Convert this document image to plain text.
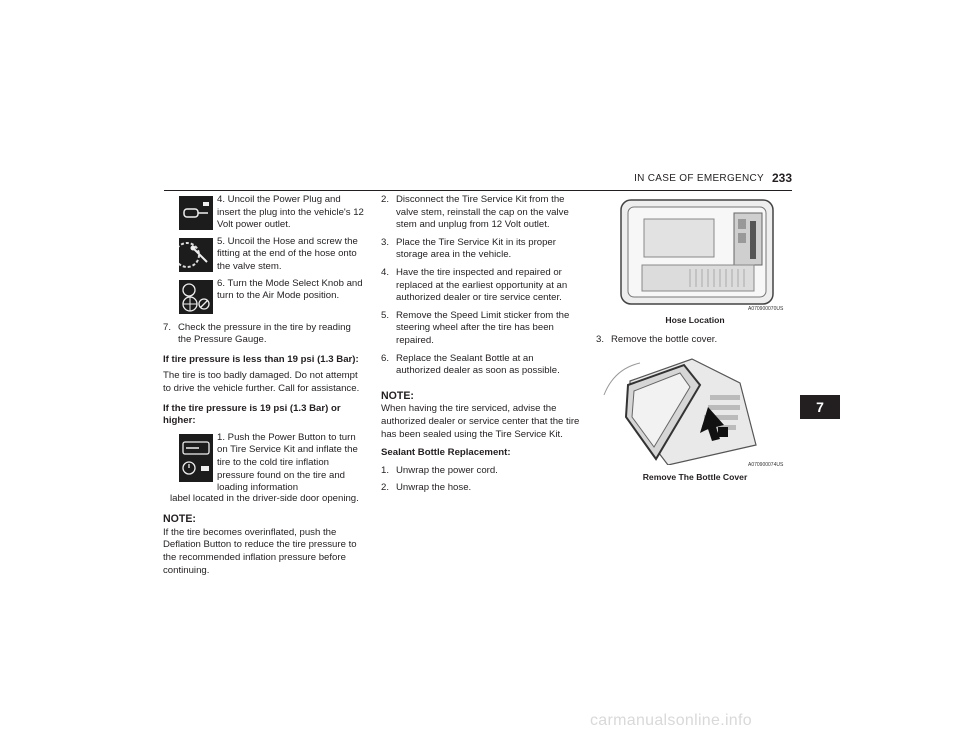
IN CASE OF EMERGENCY 233
4. Uncoil the Power Plug and insert the plug into the vehicle's 12 Volt power outlet.
5. Uncoil the Hose and screw the fitting at the end of the hose onto the valve stem.
6. Turn the Mode Select Knob and turn to the Air Mode position.
7. Check the pressure in the tire by reading the Pressure Gauge.
If tire pressure is less than 19 psi (1.3 Bar):
The tire is too badly damaged. Do not attempt to drive the vehicle further. Call for assistance.
If the tire pressure is 19 psi (1.3 Bar) or higher:
1. Push the Power Button to turn on Tire Service Kit and inflate the tire to the cold tire inflation pressure found on the tire and loading information
label located in the driver-side door opening.
NOTE:
If the tire becomes overinflated, push the Deflation Button to reduce the tire pressure to the recommended inflation pressure before continuing.
2. Disconnect the Tire Service Kit from the valve stem, reinstall the cap on the valve stem and unplug from 12 Volt outlet.
3. Place the Tire Service Kit in its proper storage area in the vehicle.
4. Have the tire inspected and repaired or replaced at the earliest opportunity at an authorized dealer or tire service center.
5. Remove the Speed Limit sticker from the steering wheel after the tire has been repaired.
6. Replace the Sealant Bottle at an authorized dealer as soon as possible.
NOTE:
When having the tire serviced, advise the authorized dealer or service center that the tire has been sealed using the Tire Service Kit.
Sealant Bottle Replacement:
1. Unwrap the power cord.
2. Unwrap the hose.
A070900070US
Hose Location
3. Remove the bottle cover.
A070900074US
Remove The Bottle Cover
7
carmanualsonline.info
